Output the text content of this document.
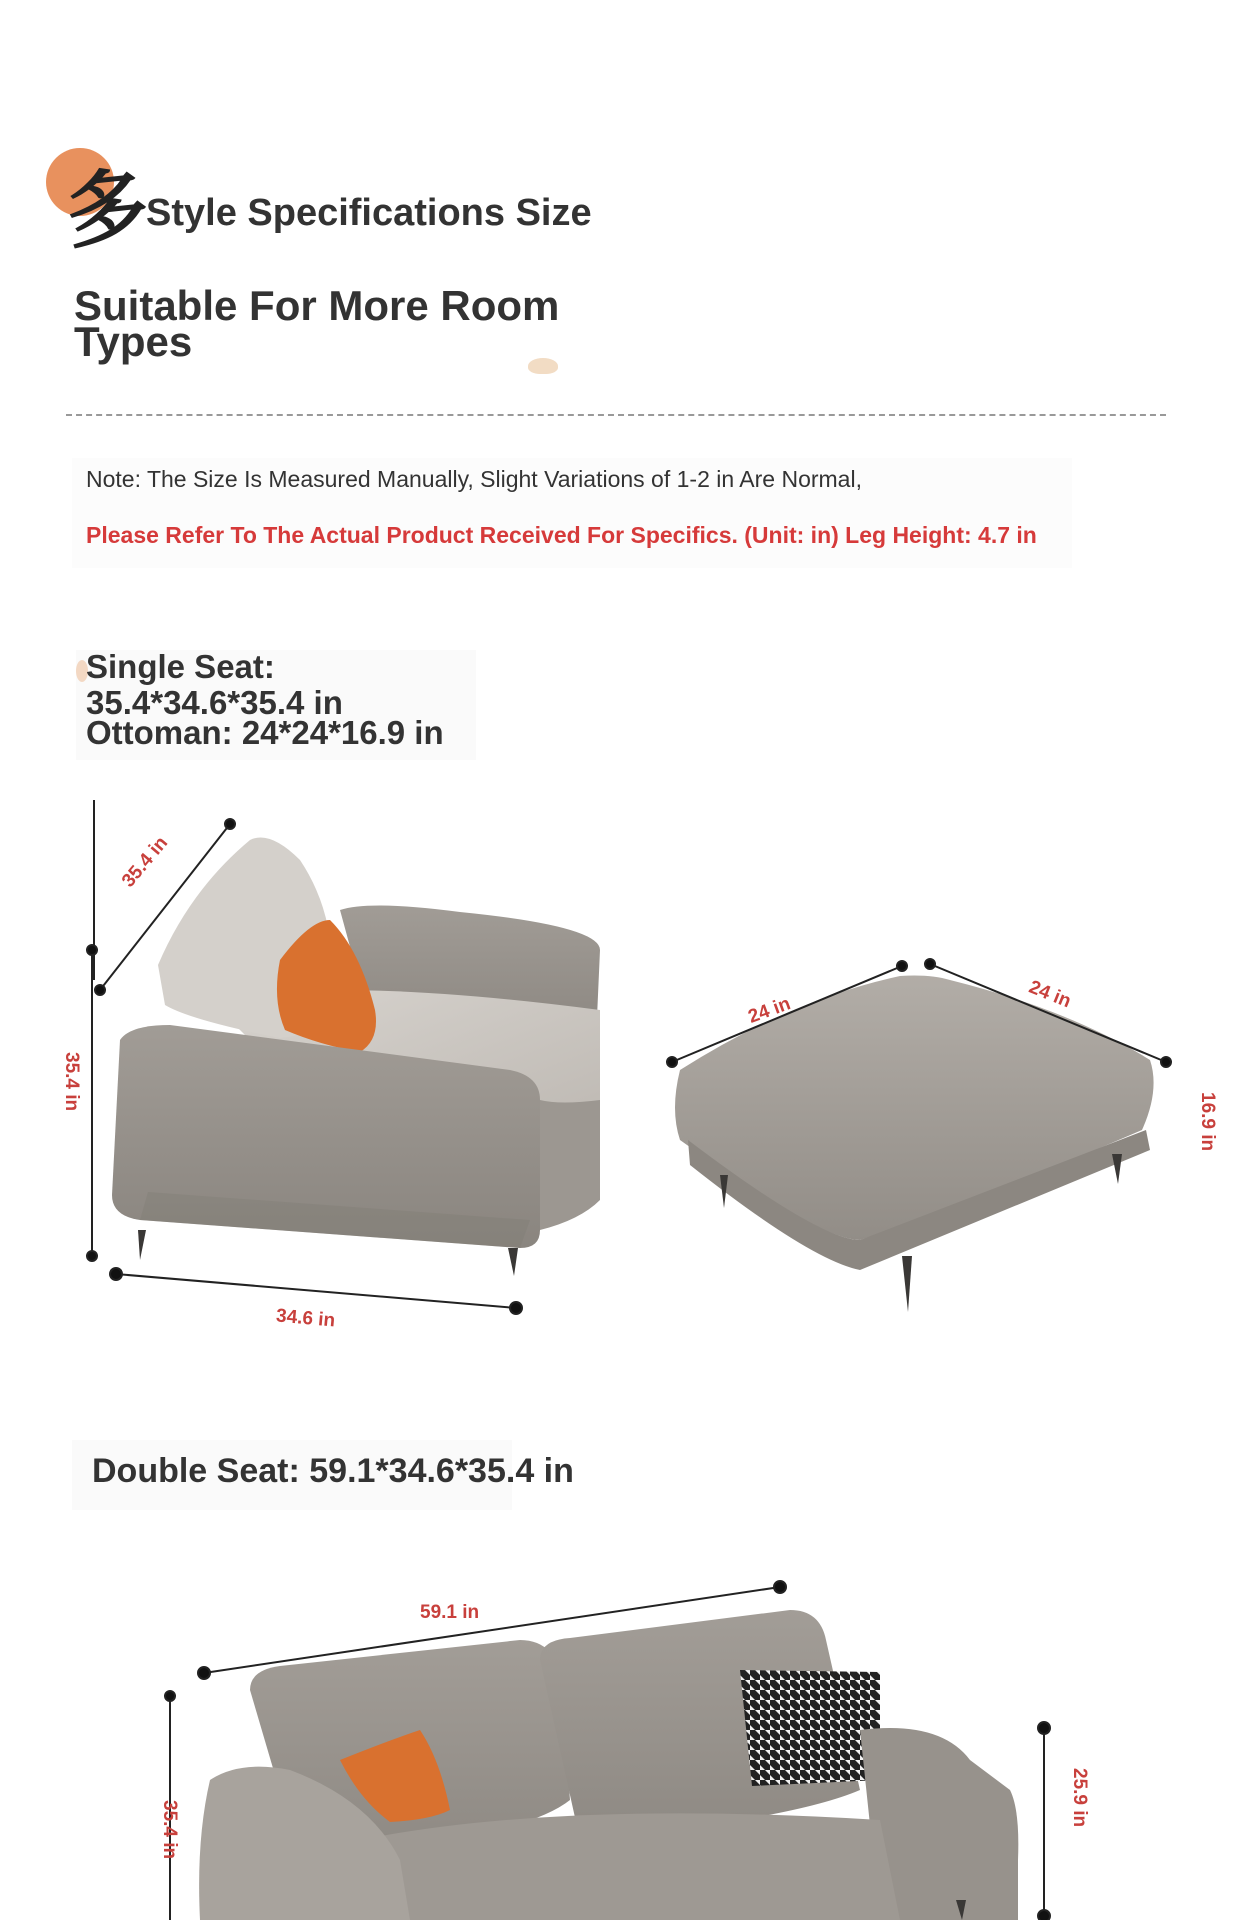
多
Style Specifications Size
Suitable For More Room Types
Note: The Size Is Measured Manually, Slight Variations of 1-2 in Are Normal,
Please Refer To The Actual Product Received For Specifics. (Unit: in) Leg Height: 4.7 in
Single Seat:
35.4*34.6*35.4 in
Ottoman: 24*24*16.9 in
35.4 in
35.4 in
34.6 in
24 in	24 in
16.9 in
Double Seat: 59.1*34.6*35.4 in
59.1 in
35.4 in
25.9 in
